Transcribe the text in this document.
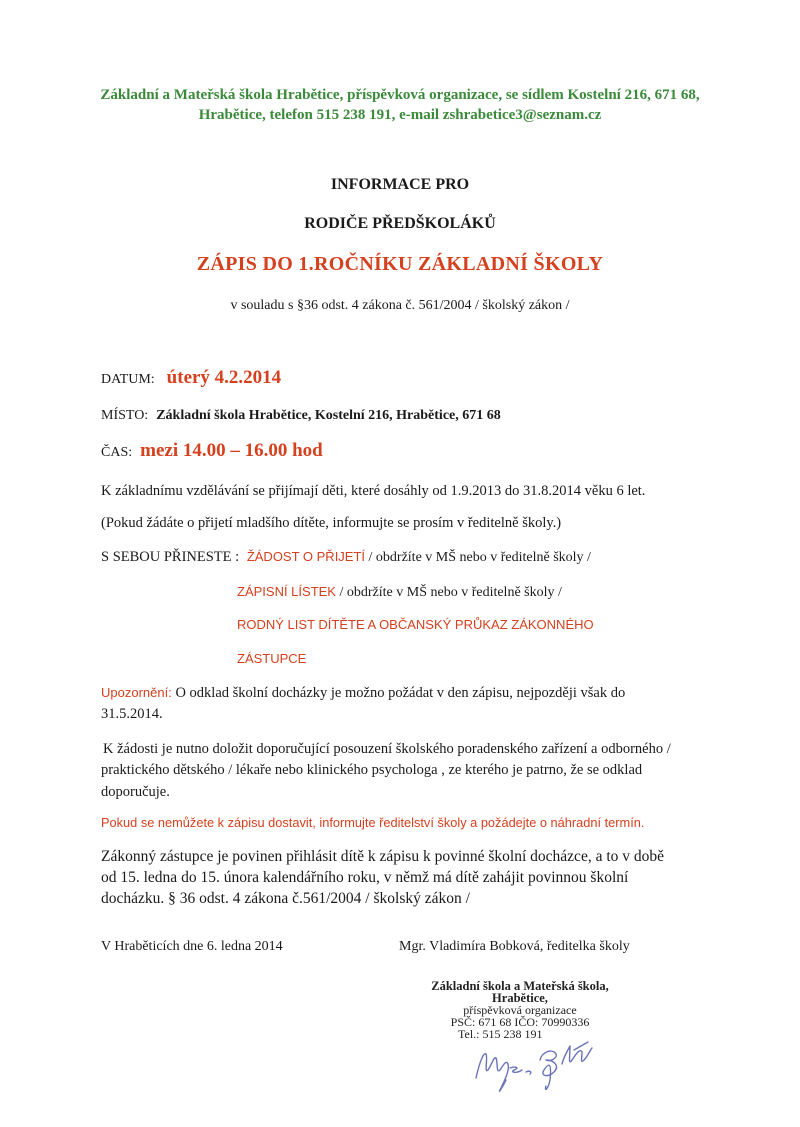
Základní a Mateřská škola Hrabětice, příspěvková organizace, se sídlem Kostelní 216, 671 68,
Hrabětice, telefon 515 238 191, e-mail zshrabetice3@seznam.cz
INFORMACE PRO
RODIČE PŘEDŠKOLÁKŮ
ZÁPIS DO 1.ROČNÍKU ZÁKLADNÍ ŠKOLY
v souladu s §36 odst. 4 zákona č. 561/2004 / školský zákon /
DATUM: úterý 4.2.2014
MÍSTO: Základní škola Hrabětice, Kostelní 216, Hrabětice, 671 68
ČAS: mezi 14.00 – 16.00 hod
K základnímu vzdělávání se přijímají děti, které dosáhly od 1.9.2013 do 31.8.2014 věku 6 let.
(Pokud žádáte o přijetí mladšího dítěte, informujte se prosím v ředitelně školy.)
S SEBOU PŘINESTE : ŽÁDOST O PŘIJETÍ / obdržíte v MŠ nebo v ředitelně školy /
ZÁPISNÍ LÍSTEK / obdržíte v MŠ nebo v ředitelně školy /
RODNÝ LIST DÍTĚTE A OBČANSKÝ PRŮKAZ ZÁKONNÉHO
ZÁSTUPCE
Upozornění: O odklad školní docházky je možno požádat v den zápisu, nejpozději však do
31.5.2014.
K žádosti je nutno doložit doporučující posouzení školského poradenského zařízení a odborného /
praktického dětského / lékaře nebo klinického psychologa , ze kterého je patrno, že se odklad
doporučuje.
Pokud se nemůžete k zápisu dostavit, informujte ředitelství školy a požádejte o náhradní termín.
Zákonný zástupce je povinen přihlásit dítě k zápisu k povinné školní docházce, a to v době
od 15. ledna do 15. února kalendářního roku, v němž má dítě zahájit povinnou školní
docházku. § 36 odst. 4 zákona č.561/2004 / školský zákon /
V Hraběticích dne 6. ledna 2014	Mgr. Vladimíra Bobková, ředitelka školy
Základní škola a Mateřská škola,
Hrabětice,
příspěvková organizace
PSČ: 671 68 IČO: 70990336
Tel.: 515 238 191
